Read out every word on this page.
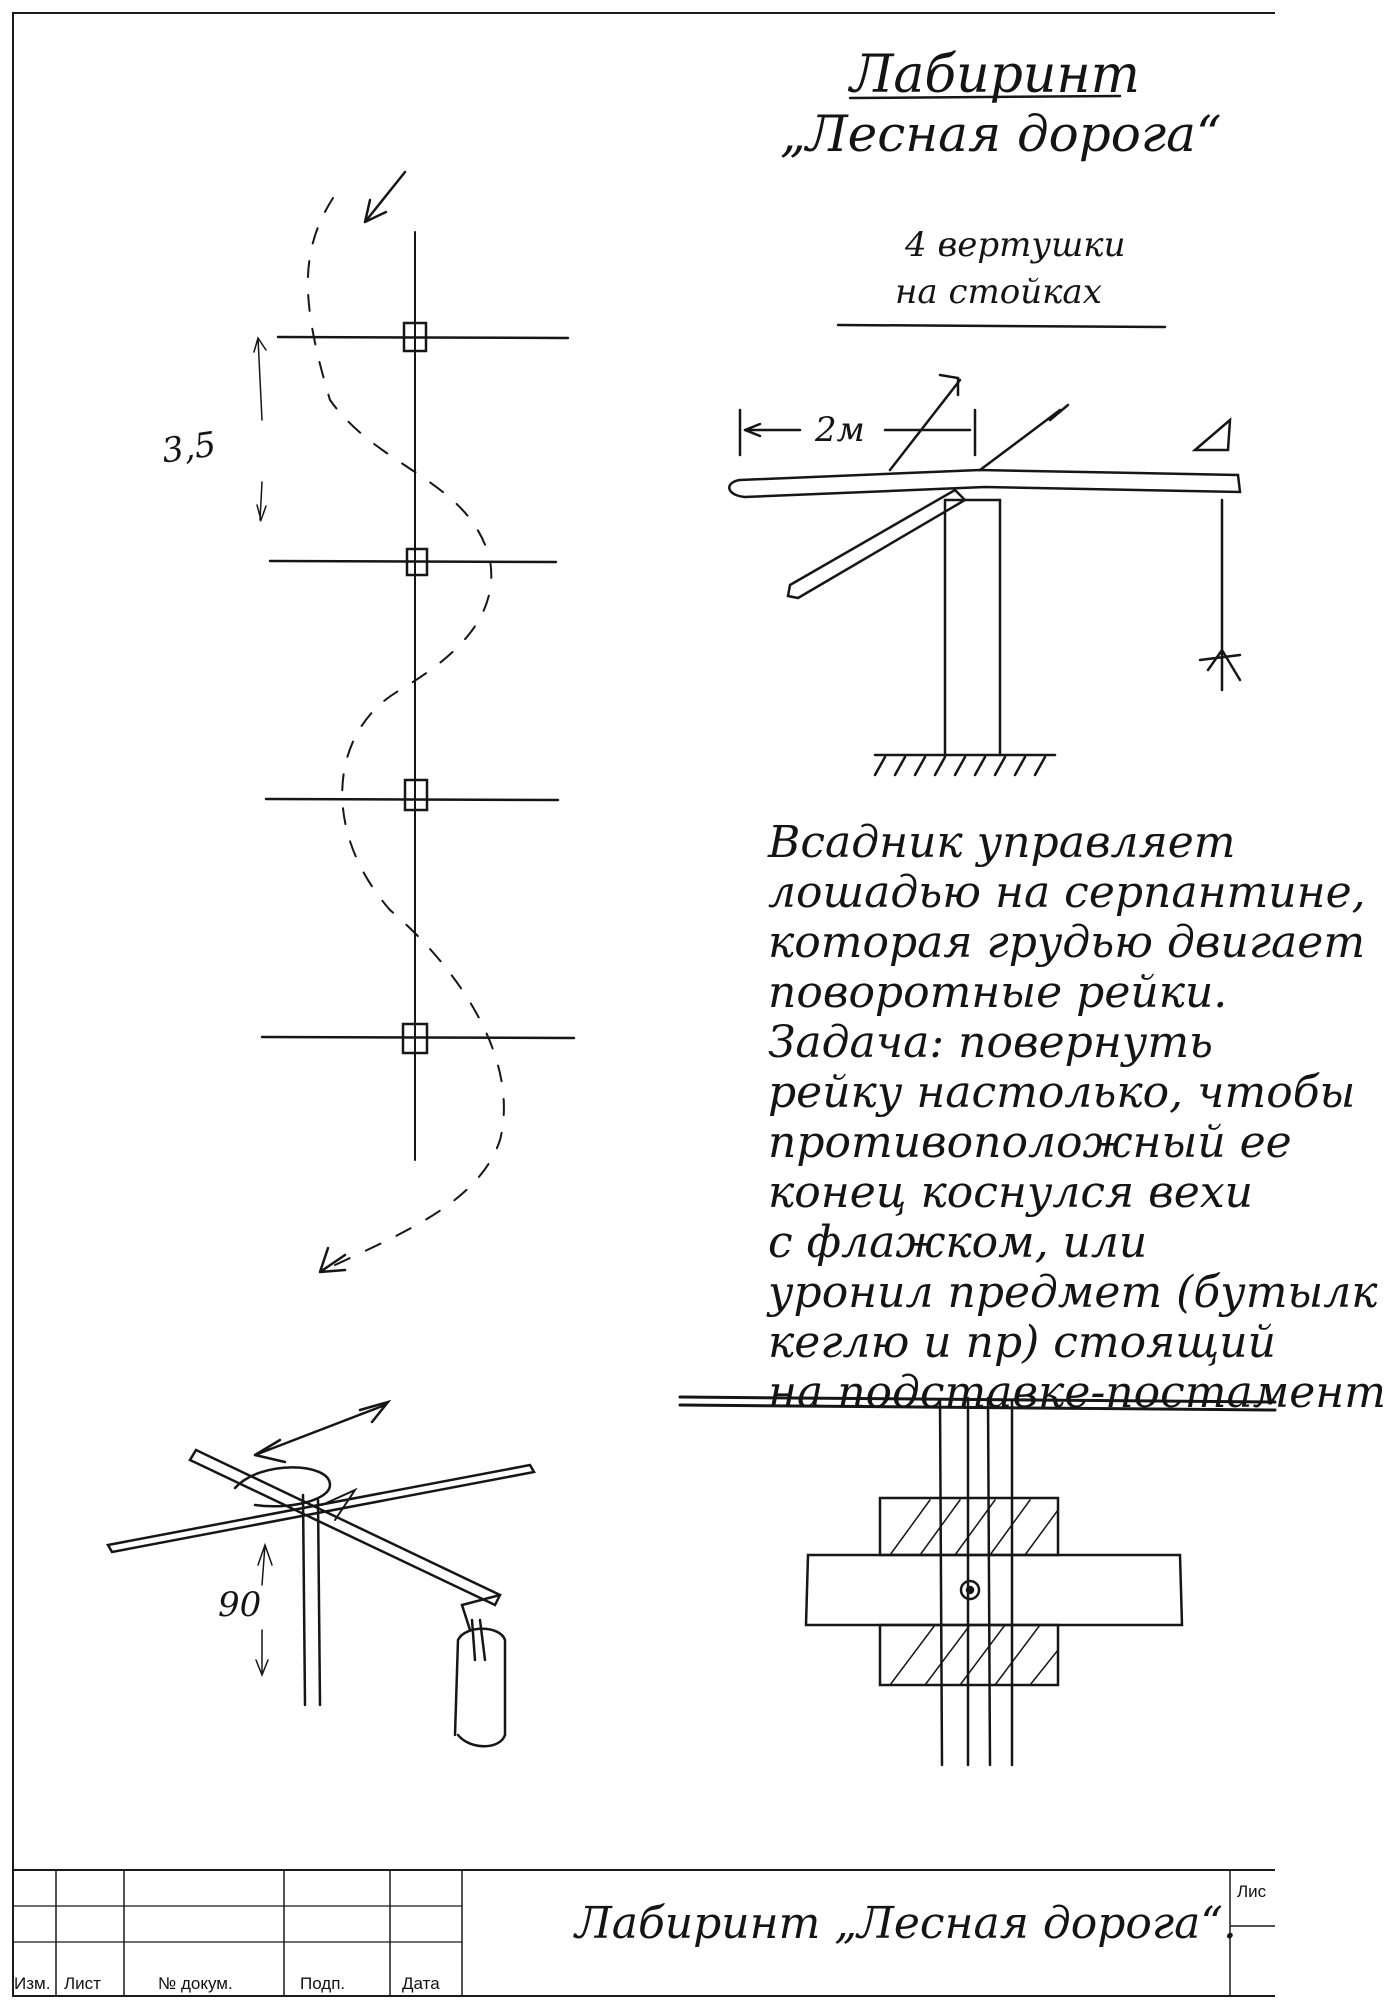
Лабиринт
„Лесная дорога“
4 вертушки
на стойках
3,5	2м
90
Всадник управляет
лошадью на серпантине,
которая грудью двигает
поворотные рейки.
Задача: повернуть
рейку настолько, чтобы
противоположный ее
конец коснулся вехи
с флажком, или
уронил предмет (бутылк
кеглю и пр) стоящий
на подставке-постамент
Изм. Лист	№ докум.	Подп.	Дата
Лабиринт „Лесная дорога“.
Лис
